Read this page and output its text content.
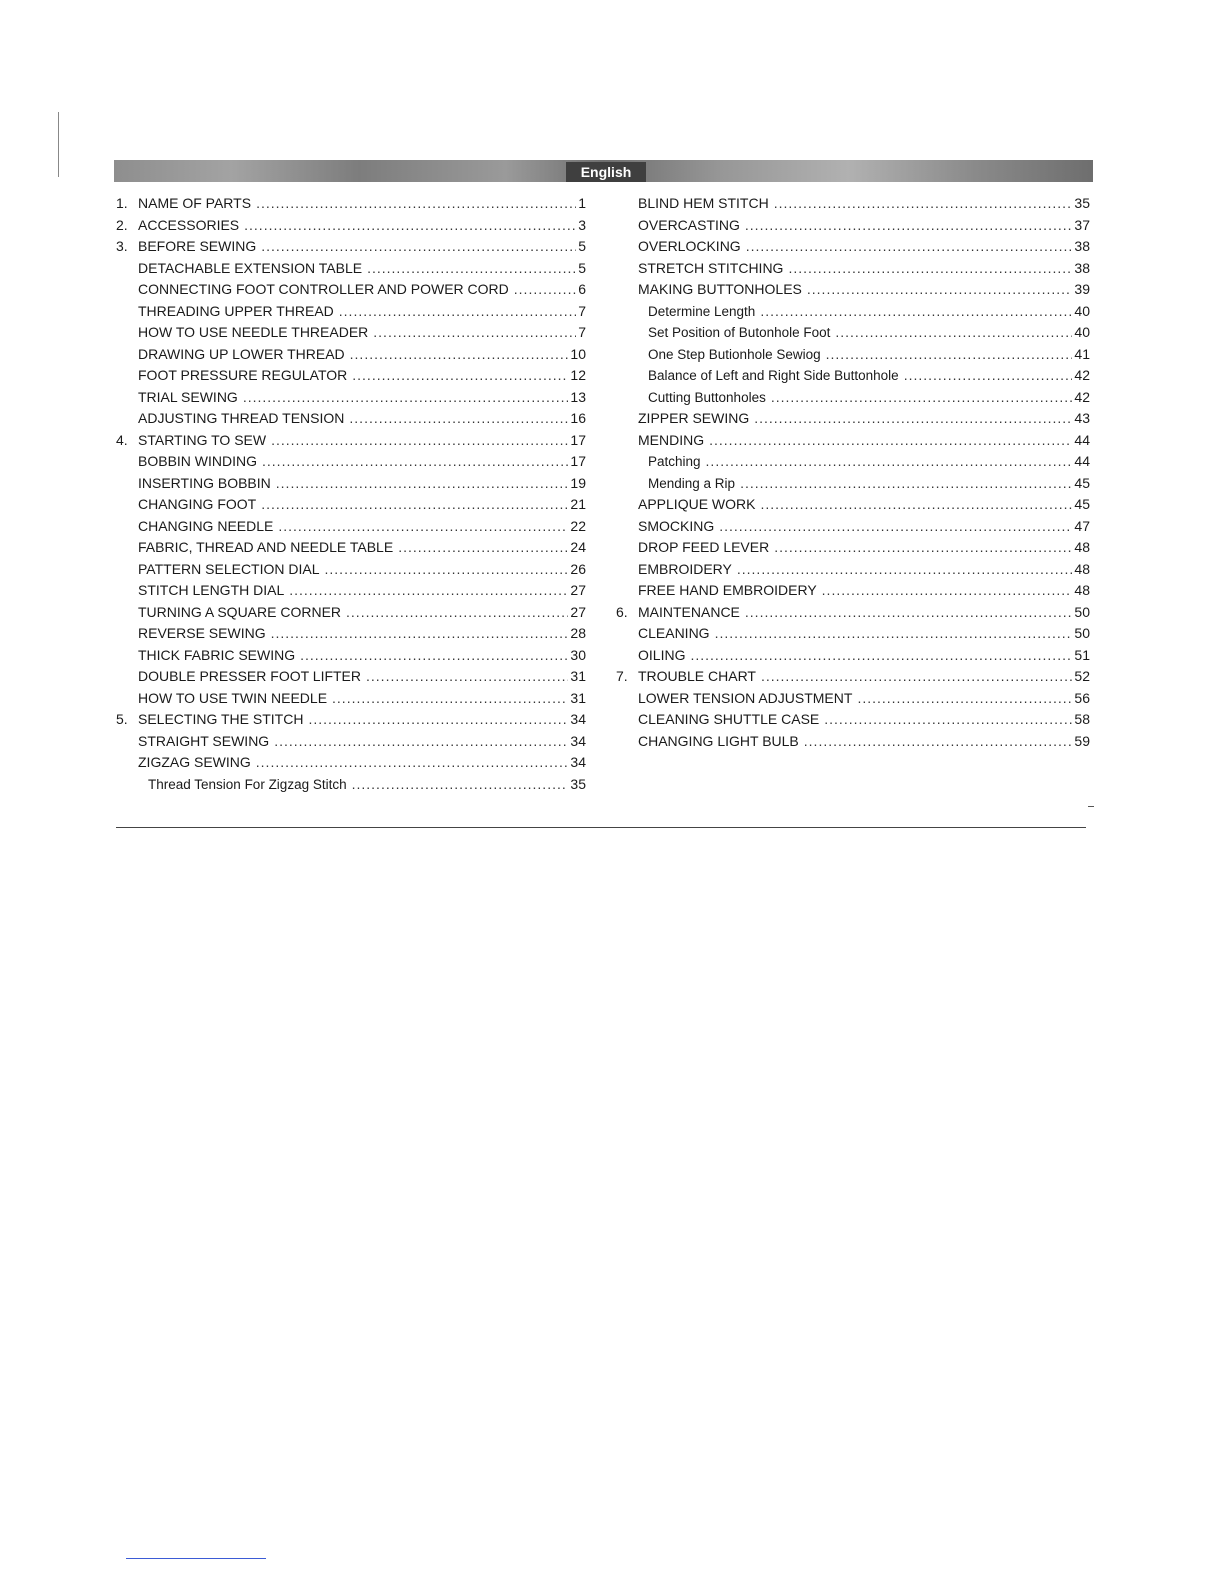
English
1. NAME OF PARTS .....	1
2. ACCESSORIES .....	3
3. BEFORE SEWING .....	5
DETACHABLE EXTENSION TABLE .....	5
CONNECTING FOOT CONTROLLER AND POWER CORD .....	6
THREADING UPPER THREAD .....	7
HOW TO USE NEEDLE THREADER .....	7
DRAWING UP LOWER THREAD .....	10
FOOT PRESSURE REGULATOR .....	12
TRIAL SEWING .....	13
ADJUSTING THREAD TENSION .....	16
4. STARTING TO SEW .....	17
BOBBIN WINDING .....	17
INSERTING BOBBIN .....	19
CHANGING FOOT .....	21
CHANGING NEEDLE .....	22
FABRIC, THREAD AND NEEDLE TABLE .....	24
PATTERN SELECTION DIAL .....	26
STITCH LENGTH DIAL .....	27
TURNING A SQUARE CORNER .....	27
REVERSE SEWING .....	28
THICK FABRIC SEWING .....	30
DOUBLE PRESSER FOOT LIFTER .....	31
HOW TO USE TWIN NEEDLE .....	31
5. SELECTING THE STITCH .....	34
STRAIGHT SEWING .....	34
ZIGZAG SEWING .....	34
Thread Tension For Zigzag Stitch .....	35
BLIND HEM STITCH .....	35
OVERCASTING .....	37
OVERLOCKING .....	38
STRETCH STITCHING .....	38
MAKING BUTTONHOLES .....	39
Determine Length .....	40
Set Position of Butonhole Foot .....	40
One Step Butionhole Sewiog .....	41
Balance of Left and Right Side Buttonhole .....	42
Cutting Buttonholes .....	42
ZIPPER SEWING .....	43
MENDING .....	44
Patching .....	44
Mending a Rip .....	45
APPLIQUE WORK .....	45
SMOCKING .....	47
DROP FEED LEVER .....	48
EMBROIDERY .....	48
FREE HAND EMBROIDERY .....	48
6. MAINTENANCE .....	50
CLEANING .....	50
OILING .....	51
7. TROUBLE CHART .....	52
LOWER TENSION ADJUSTMENT .....	56
CLEANING SHUTTLE CASE .....	58
CHANGING LIGHT BULB .....	59
